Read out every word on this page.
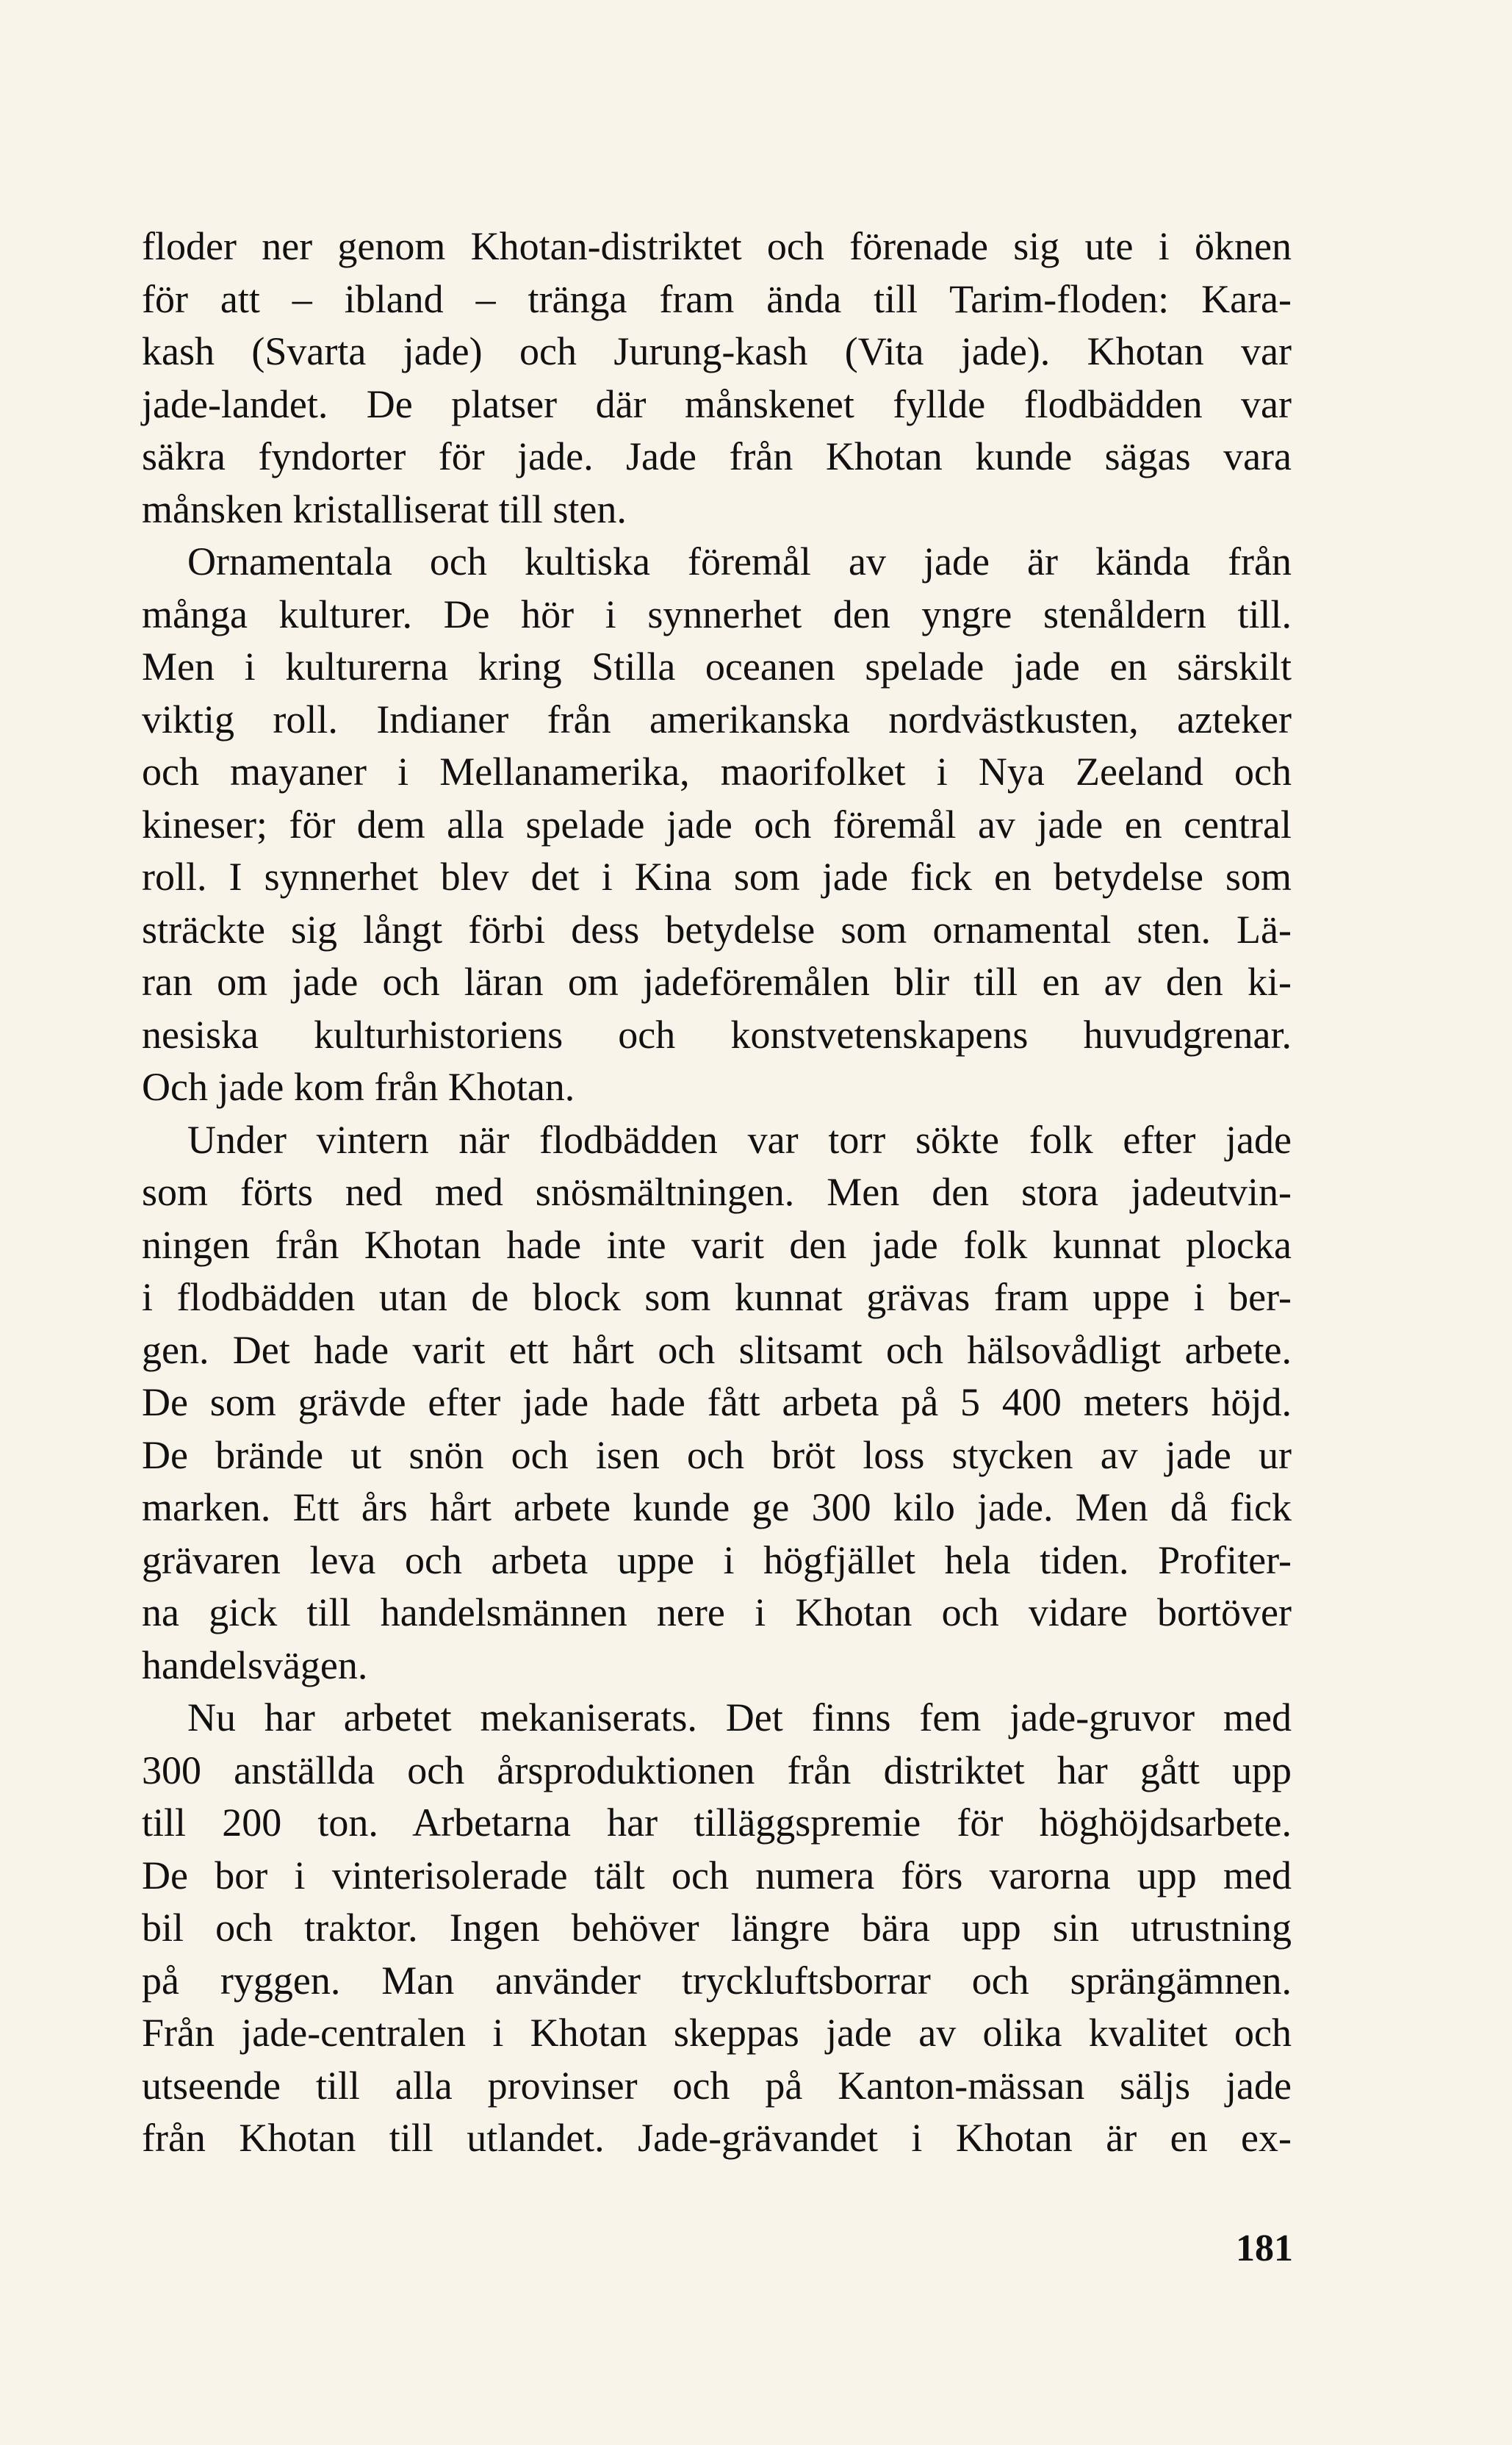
floder ner genom Khotan-distriktet och förenade sig ute i öknen
för att – ibland – tränga fram ända till Tarim-floden: Kara-
kash (Svarta jade) och Jurung-kash (Vita jade). Khotan var
jade-landet. De platser där månskenet fyllde flodbädden var
säkra fyndorter för jade. Jade från Khotan kunde sägas vara
månsken kristalliserat till sten.
Ornamentala och kultiska föremål av jade är kända från
många kulturer. De hör i synnerhet den yngre stenåldern till.
Men i kulturerna kring Stilla oceanen spelade jade en särskilt
viktig roll. Indianer från amerikanska nordvästkusten, azteker
och mayaner i Mellanamerika, maorifolket i Nya Zeeland och
kineser; för dem alla spelade jade och föremål av jade en central
roll. I synnerhet blev det i Kina som jade fick en betydelse som
sträckte sig långt förbi dess betydelse som ornamental sten. Lä-
ran om jade och läran om jadeföremålen blir till en av den ki-
nesiska kulturhistoriens och konstvetenskapens huvudgrenar.
Och jade kom från Khotan.
Under vintern när flodbädden var torr sökte folk efter jade
som förts ned med snösmältningen. Men den stora jadeutvin-
ningen från Khotan hade inte varit den jade folk kunnat plocka
i flodbädden utan de block som kunnat grävas fram uppe i ber-
gen. Det hade varit ett hårt och slitsamt och hälsovådligt arbete.
De som grävde efter jade hade fått arbeta på 5 400 meters höjd.
De brände ut snön och isen och bröt loss stycken av jade ur
marken. Ett års hårt arbete kunde ge 300 kilo jade. Men då fick
grävaren leva och arbeta uppe i högfjället hela tiden. Profiter-
na gick till handelsmännen nere i Khotan och vidare bortöver
handelsvägen.
Nu har arbetet mekaniserats. Det finns fem jade-gruvor med
300 anställda och årsproduktionen från distriktet har gått upp
till 200 ton. Arbetarna har tilläggspremie för höghöjdsarbete.
De bor i vinterisolerade tält och numera förs varorna upp med
bil och traktor. Ingen behöver längre bära upp sin utrustning
på ryggen. Man använder tryckluftsborrar och sprängämnen.
Från jade-centralen i Khotan skeppas jade av olika kvalitet och
utseende till alla provinser och på Kanton-mässan säljs jade
från Khotan till utlandet. Jade-grävandet i Khotan är en ex-
181
